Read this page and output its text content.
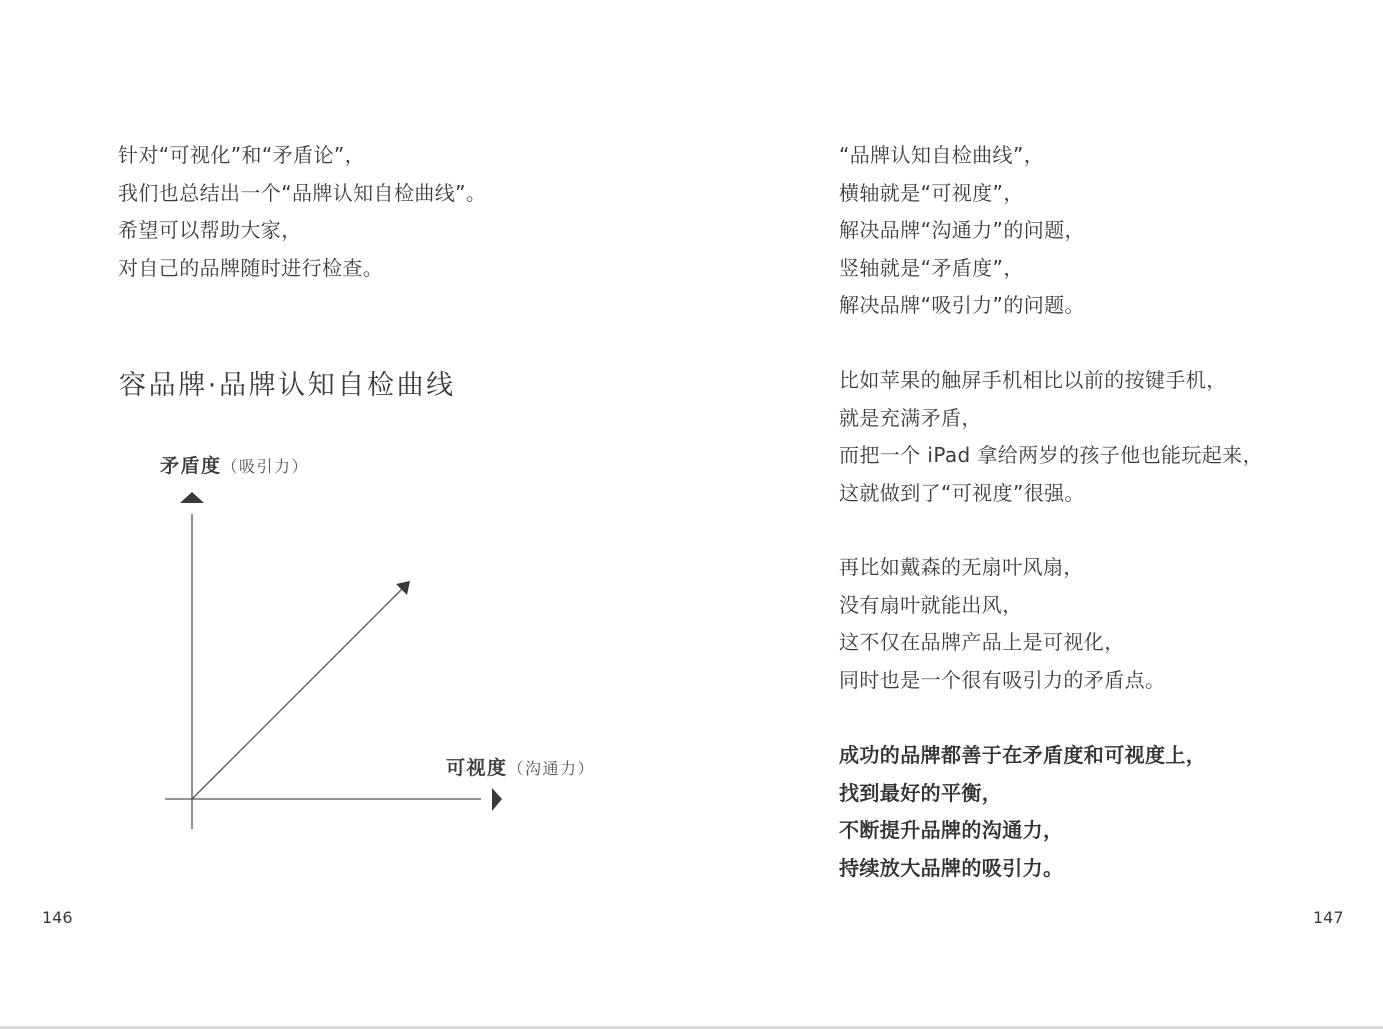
针对“可视化”和“矛盾论”，
我们也总结出一个“品牌认知自检曲线”。
希望可以帮助大家，
对自己的品牌随时进行检查。
容品牌·品牌认知自检曲线
矛盾度（吸引力）
可视度（沟通力）
146
“品牌认知自检曲线”，
横轴就是“可视度”，
解决品牌“沟通力”的问题，
竖轴就是“矛盾度”，
解决品牌“吸引力”的问题。
比如苹果的触屏手机相比以前的按键手机，
就是充满矛盾，
而把一个 iPad 拿给两岁的孩子他也能玩起来，
这就做到了“可视度”很强。
再比如戴森的无扇叶风扇，
没有扇叶就能出风，
这不仅在品牌产品上是可视化，
同时也是一个很有吸引力的矛盾点。
成功的品牌都善于在矛盾度和可视度上，
找到最好的平衡，
不断提升品牌的沟通力，
持续放大品牌的吸引力。
147
